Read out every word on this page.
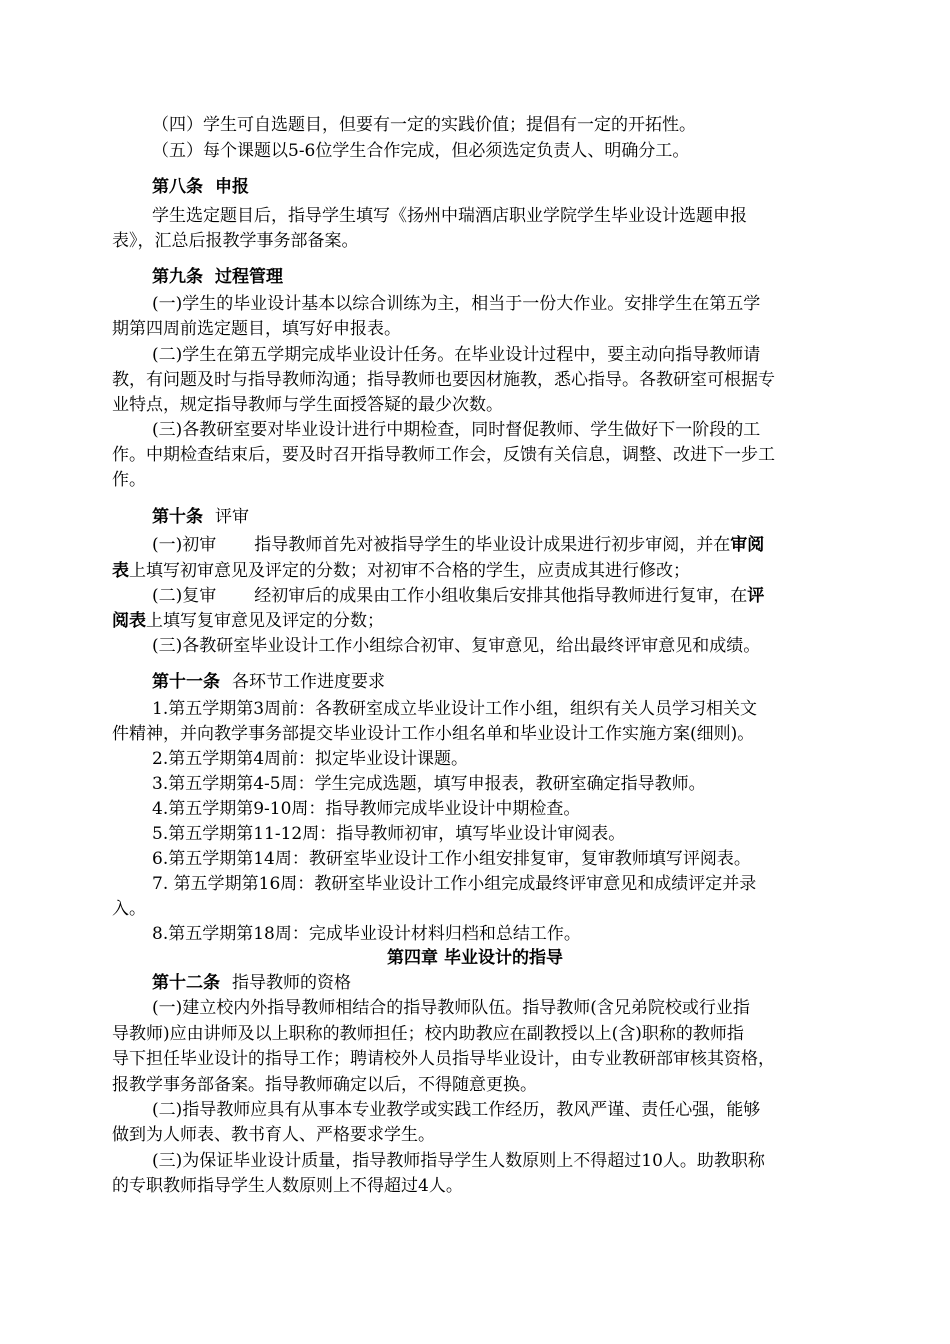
（四）学生可自选题目，但要有一定的实践价值；提倡有一定的开拓性。
（五）每个课题以5-6位学生合作完成，但必须选定负责人、明确分工。
第八条 申报
学生选定题目后，指导学生填写《扬州中瑞酒店职业学院学生毕业设计选题申报
表》，汇总后报教学事务部备案。
第九条 过程管理
(一)学生的毕业设计基本以综合训练为主，相当于一份大作业。安排学生在第五学
期第四周前选定题目，填写好申报表。
(二)学生在第五学期完成毕业设计任务。在毕业设计过程中，要主动向指导教师请
教，有问题及时与指导教师沟通；指导教师也要因材施教，悉心指导。各教研室可根据专
业特点，规定指导教师与学生面授答疑的最少次数。
(三)各教研室要对毕业设计进行中期检查，同时督促教师、学生做好下一阶段的工
作。中期检查结束后，要及时召开指导教师工作会，反馈有关信息，调整、改进下一步工
作。
第十条 评审
(一)初审 指导教师首先对被指导学生的毕业设计成果进行初步审阅，并在审阅
表上填写初审意见及评定的分数；对初审不合格的学生，应责成其进行修改；
(二)复审 经初审后的成果由工作小组收集后安排其他指导教师进行复审，在评
阅表上填写复审意见及评定的分数；
(三)各教研室毕业设计工作小组综合初审、复审意见，给出最终评审意见和成绩。
第十一条 各环节工作进度要求
1.第五学期第3周前：各教研室成立毕业设计工作小组，组织有关人员学习相关文
件精神，并向教学事务部提交毕业设计工作小组名单和毕业设计工作实施方案(细则)。
2.第五学期第4周前：拟定毕业设计课题。
3.第五学期第4-5周：学生完成选题，填写申报表，教研室确定指导教师。
4.第五学期第9-10周：指导教师完成毕业设计中期检查。
5.第五学期第11-12周：指导教师初审，填写毕业设计审阅表。
6.第五学期第14周：教研室毕业设计工作小组安排复审，复审教师填写评阅表。
7. 第五学期第16周：教研室毕业设计工作小组完成最终评审意见和成绩评定并录
入。
8.第五学期第18周：完成毕业设计材料归档和总结工作。
第四章 毕业设计的指导
第十二条 指导教师的资格
(一)建立校内外指导教师相结合的指导教师队伍。指导教师(含兄弟院校或行业指
导教师)应由讲师及以上职称的教师担任；校内助教应在副教授以上(含)职称的教师指
导下担任毕业设计的指导工作；聘请校外人员指导毕业设计，由专业教研部审核其资格，
报教学事务部备案。指导教师确定以后，不得随意更换。
(二)指导教师应具有从事本专业教学或实践工作经历，教风严谨、责任心强，能够
做到为人师表、教书育人、严格要求学生。
(三)为保证毕业设计质量，指导教师指导学生人数原则上不得超过10人。助教职称
的专职教师指导学生人数原则上不得超过4人。
